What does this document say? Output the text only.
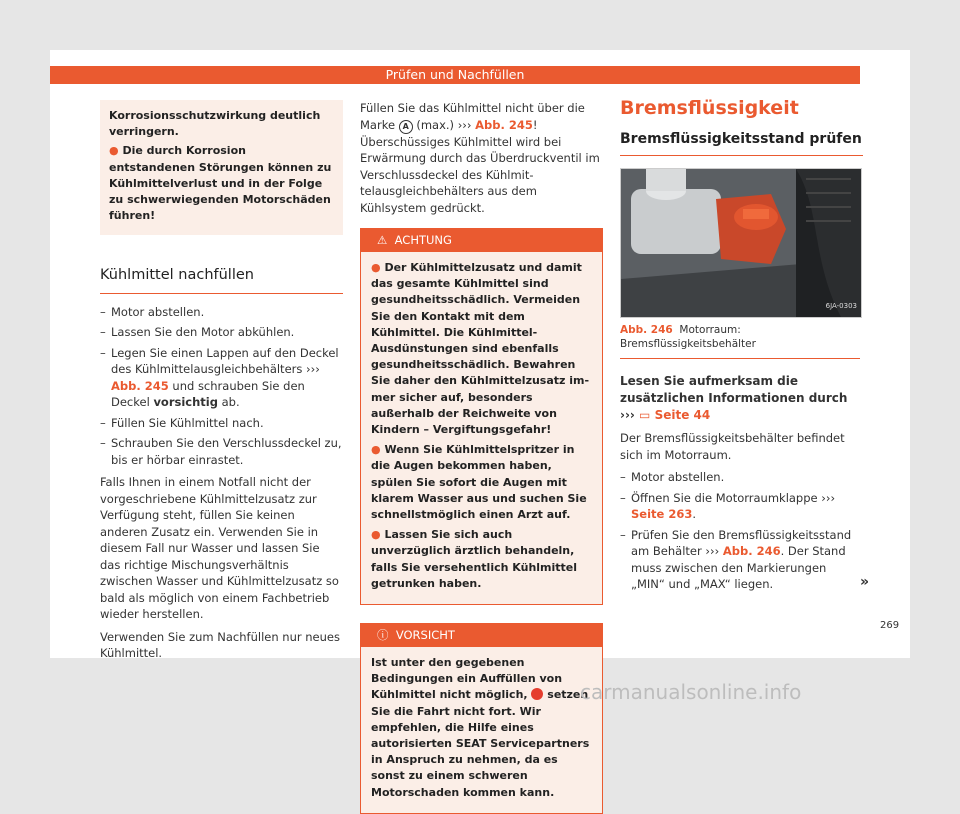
Prüfen und Nachfüllen

Korrosionsschutzwirkung deutlich verringern.

● Die durch Korrosion entstandenen Störungen können zu Kühlmittelverlust und in der Folge zu schwerwiegenden Motorschäden führen!

Kühlmittel nachfüllen
– Motor abstellen.
– Lassen Sie den Motor abkühlen.
– Legen Sie einen Lappen auf den Deckel des Kühlmittelausgleichbehälters ››› Abb. 245 und schrauben Sie den Deckel vorsichtig ab.
– Füllen Sie Kühlmittel nach.
– Schrauben Sie den Verschlussdeckel zu, bis er hörbar einrastet.

Falls Ihnen in einem Notfall nicht der vorgeschriebene Kühlmittelzusatz zur Verfügung steht, füllen Sie keinen anderen Zusatz ein. Verwenden Sie in diesem Fall nur Wasser und lassen Sie das richtige Mischungsverhältnis zwischen Wasser und Kühlmittelzusatz so bald als möglich von einem Fachbetrieb wieder herstellen.

Verwenden Sie zum Nachfüllen nur neues Kühlmittel.

Füllen Sie das Kühlmittel nicht über die Marke A (max.) ››› Abb. 245! Überschüssiges Kühlmittel wird bei Erwärmung durch das Überdruckventil im Verschlussdeckel des Kühlmittelausgleichbehälters aus dem Kühlsystem gedrückt.
⚠ ACHTUNG

● Der Kühlmittelzusatz und damit das gesamte Kühlmittel sind gesundheitsschädlich. Vermeiden Sie den Kontakt mit dem Kühlmittel. Die Kühlmittel-Ausdünstungen sind ebenfalls gesundheitsschädlich. Bewahren Sie daher den Kühlmittelzusatz immer sicher auf, besonders außerhalb der Reichweite von Kindern – Vergiftungsgefahr!

● Wenn Sie Kühlmittelspritzer in die Augen bekommen haben, spülen Sie sofort die Augen mit klarem Wasser aus und suchen Sie schnellstmöglich einen Arzt auf.

● Lassen Sie sich auch unverzüglich ärztlich behandeln, falls Sie versehentlich Kühlmittel getrunken haben.

ⓘ VORSICHT

Ist unter den gegebenen Bedingungen ein Auffüllen von Kühlmittel nicht möglich, setzen Sie die Fahrt nicht fort. Wir empfehlen, die Hilfe eines autorisierten SEAT Servicepartners in Anspruch zu nehmen, da es sonst zu einem schweren Motorschaden kommen kann.

Bremsflüssigkeit
Bremsflüssigkeitsstand prüfen
6JA-0303
Abb. 246 Motorraum: Bremsflüssigkeitsbehälter
Lesen Sie aufmerksam die zusätzlichen Informationen durch ››› ▭ Seite 44

Der Bremsflüssigkeitsbehälter befindet sich im Motorraum.

– Motor abstellen.
– Öffnen Sie die Motorraumklappe ››› Seite 263.
– Prüfen Sie den Bremsflüssigkeitsstand am Behälter ››› Abb. 246. Der Stand muss zwischen den Markierungen „MIN“ und „MAX“ liegen.	»
269
carmanualsonline.info
